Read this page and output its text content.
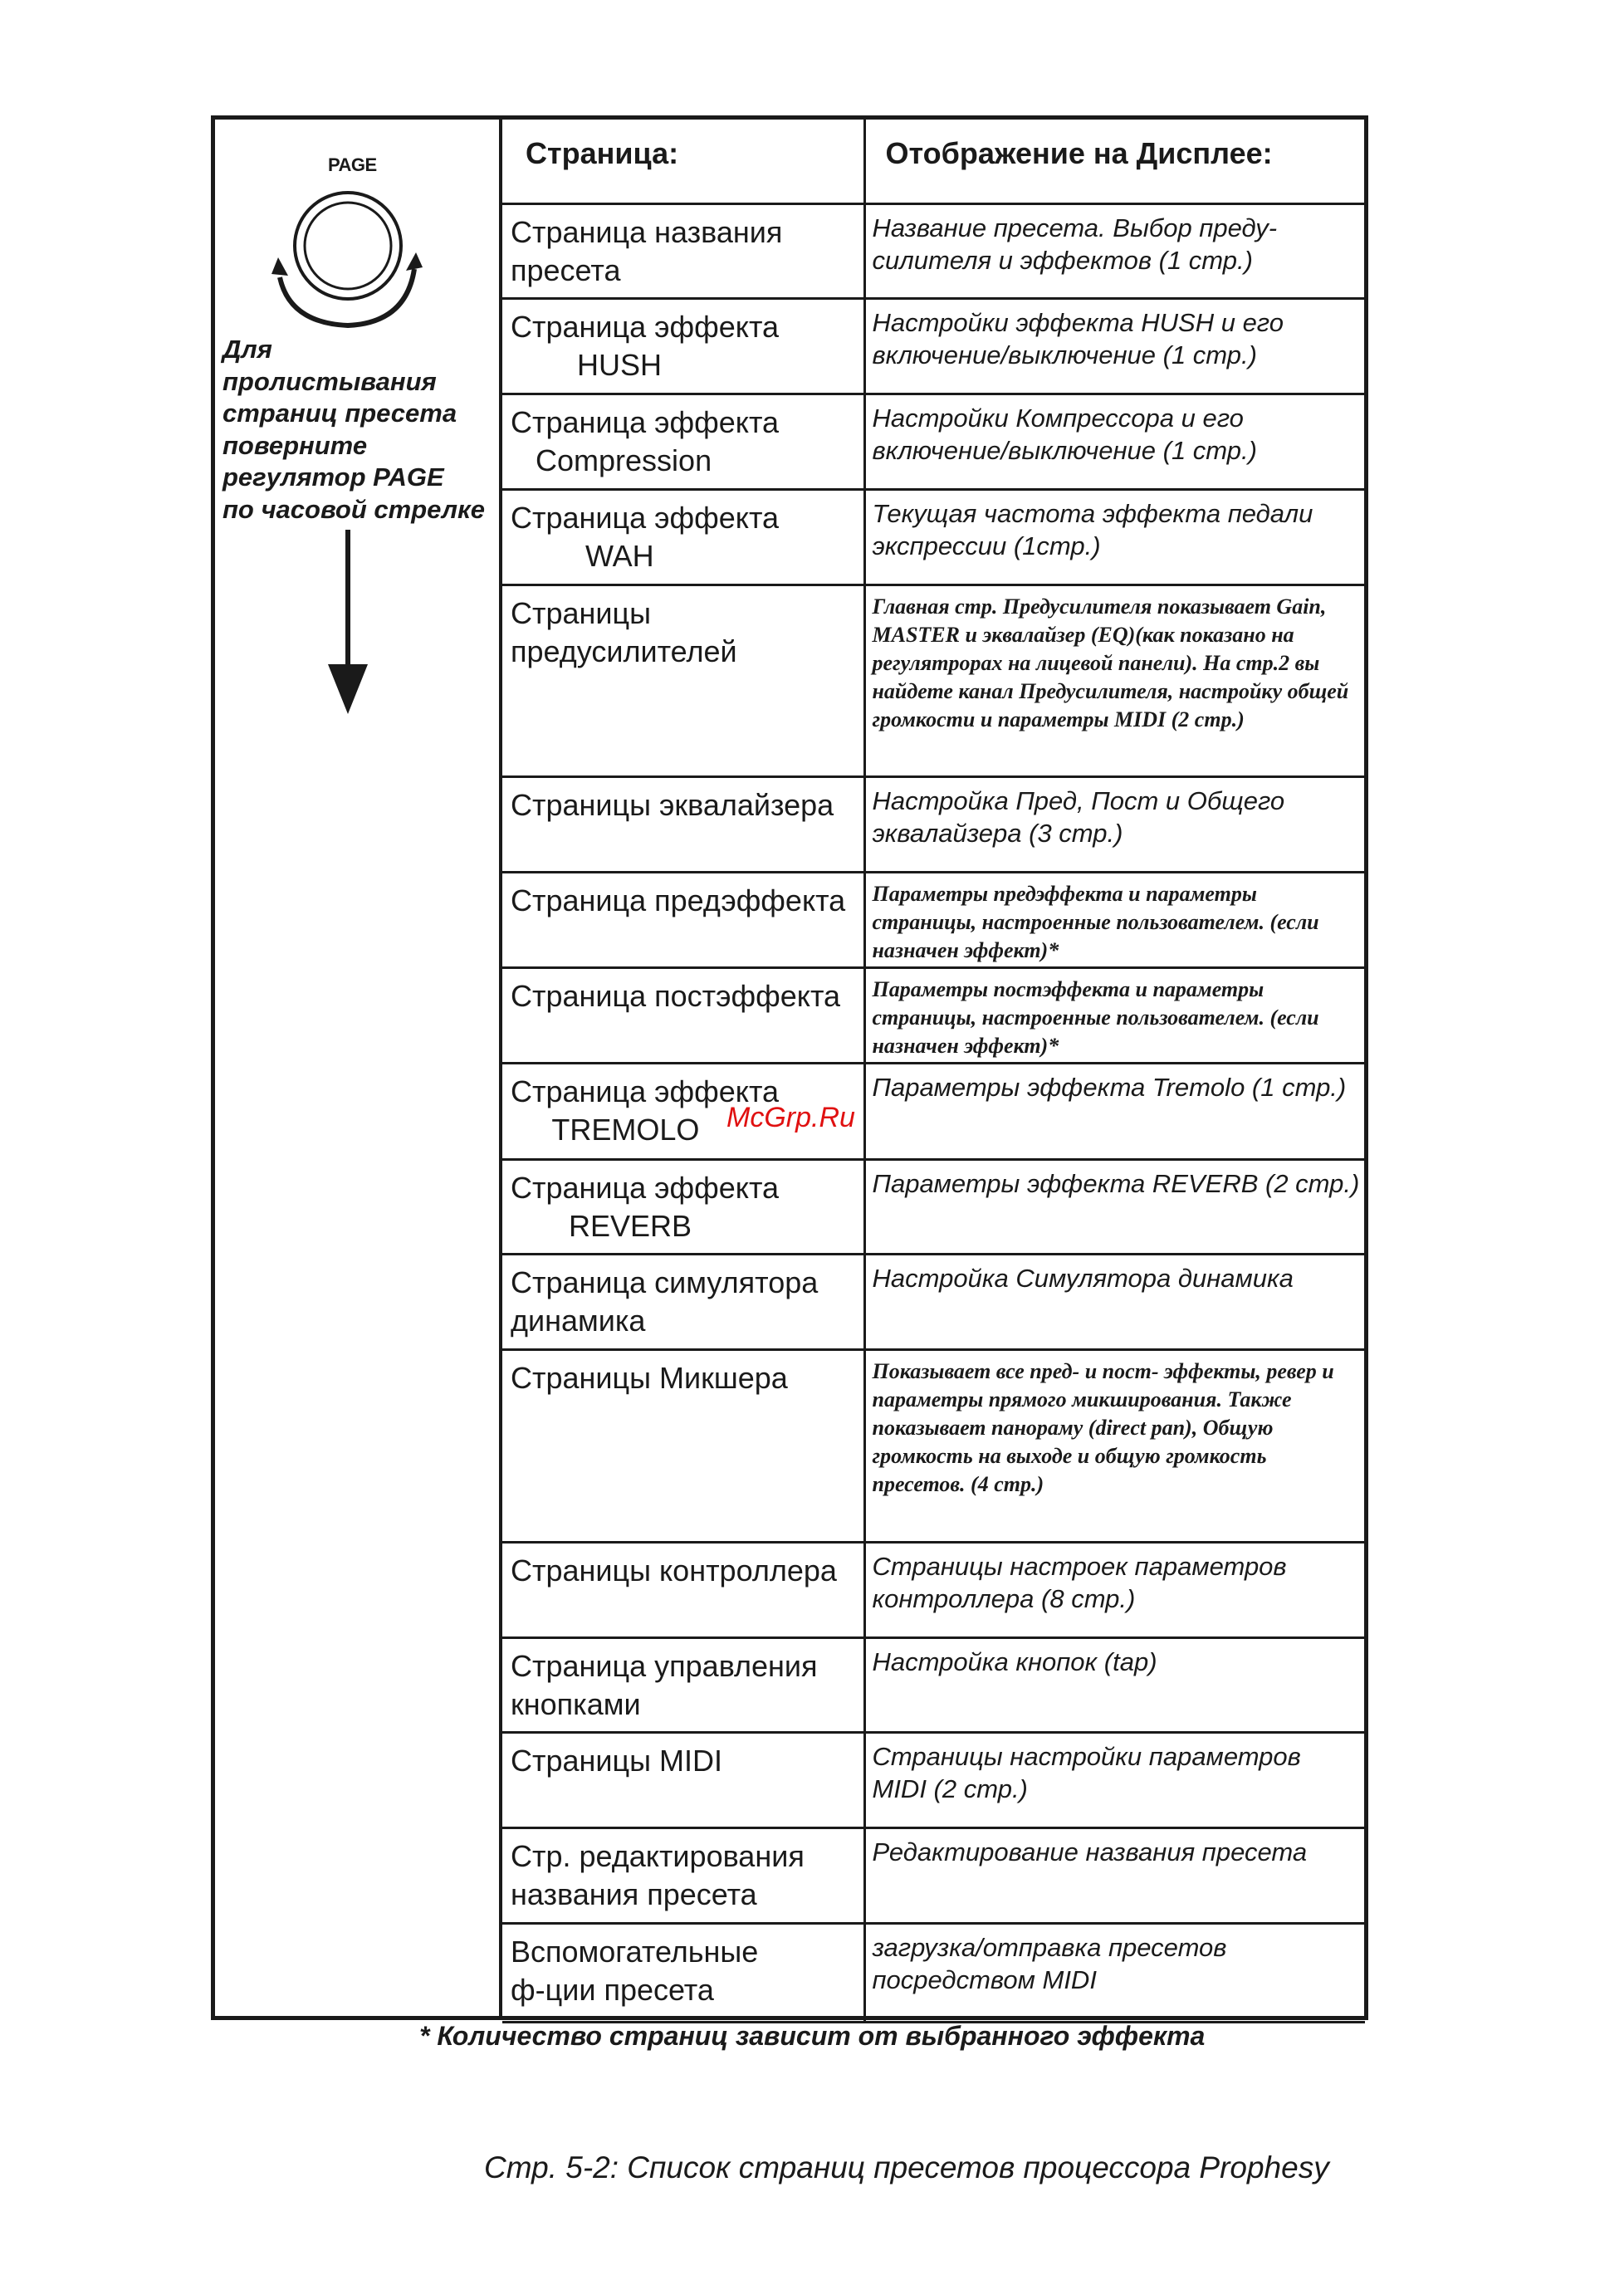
PAGE
Для
пролистывания
страниц пресета
поверните
регулятор PAGE
по часовой стрелке
Страница:	Отображение на Дисплее:

Страница названия
пресета	Название пресета. Выбор преду-силителя и эффектов (1 стр.)

Страница эффекта
HUSH	Настройки эффекта HUSH и его включение/выключение (1 стр.)

Страница эффекта
Compression	Настройки Компрессора и его включение/выключение (1 стр.)

Страница эффекта
WAH	Текущая частота эффекта педали экспрессии (1стр.)

Страницы
предусилителей	Главная стр. Предусилителя показывает Gain, MASTER и эквалайзер (EQ)(как показано на регулятрорах на лицевой панели). На стр.2 вы найдете канал Предусилителя, настройку общей громкости и параметры MIDI (2 стр.)

Страницы эквалайзера	Настройка Пред, Пост и Общего эквалайзера (3 стр.)

Страница предэффекта	Параметры предэффекта и параметры страницы, настроенные пользователем. (если назначен эффект)*

Страница постэффекта	Параметры постэффекта и параметры страницы, настроенные пользователем. (если назначен эффект)*

Страница эффекта
TREMOLO	Параметры эффекта Tremolo (1 стр.)

Страница эффекта
REVERB	Параметры эффекта REVERB (2 стр.)

Страница симулятора
динамика	Настройка Симулятора динамика

Страницы Микшера	Показывает все пред- и пост- эффекты, ревер и параметры прямого микширования. Также показывает панораму (direct pan), Общую громкость на выходе и общую громкость пресетов. (4 стр.)

Страницы контроллера	Страницы настроек параметров контроллера (8 стр.)

Страница управления
кнопками	Настройка кнопок (tap)

Страницы MIDI	Страницы настройки параметров MIDI (2 стр.)

Стр. редактирования
названия пресета	Редактирование названия пресета

Вспомогательные
ф-ции пресета	загрузка/отправка пресетов посредством MIDI
* Количество страниц зависит от выбранного эффекта
Стр. 5-2: Список страниц пресетов процессора Prophesy
McGrp.Ru
